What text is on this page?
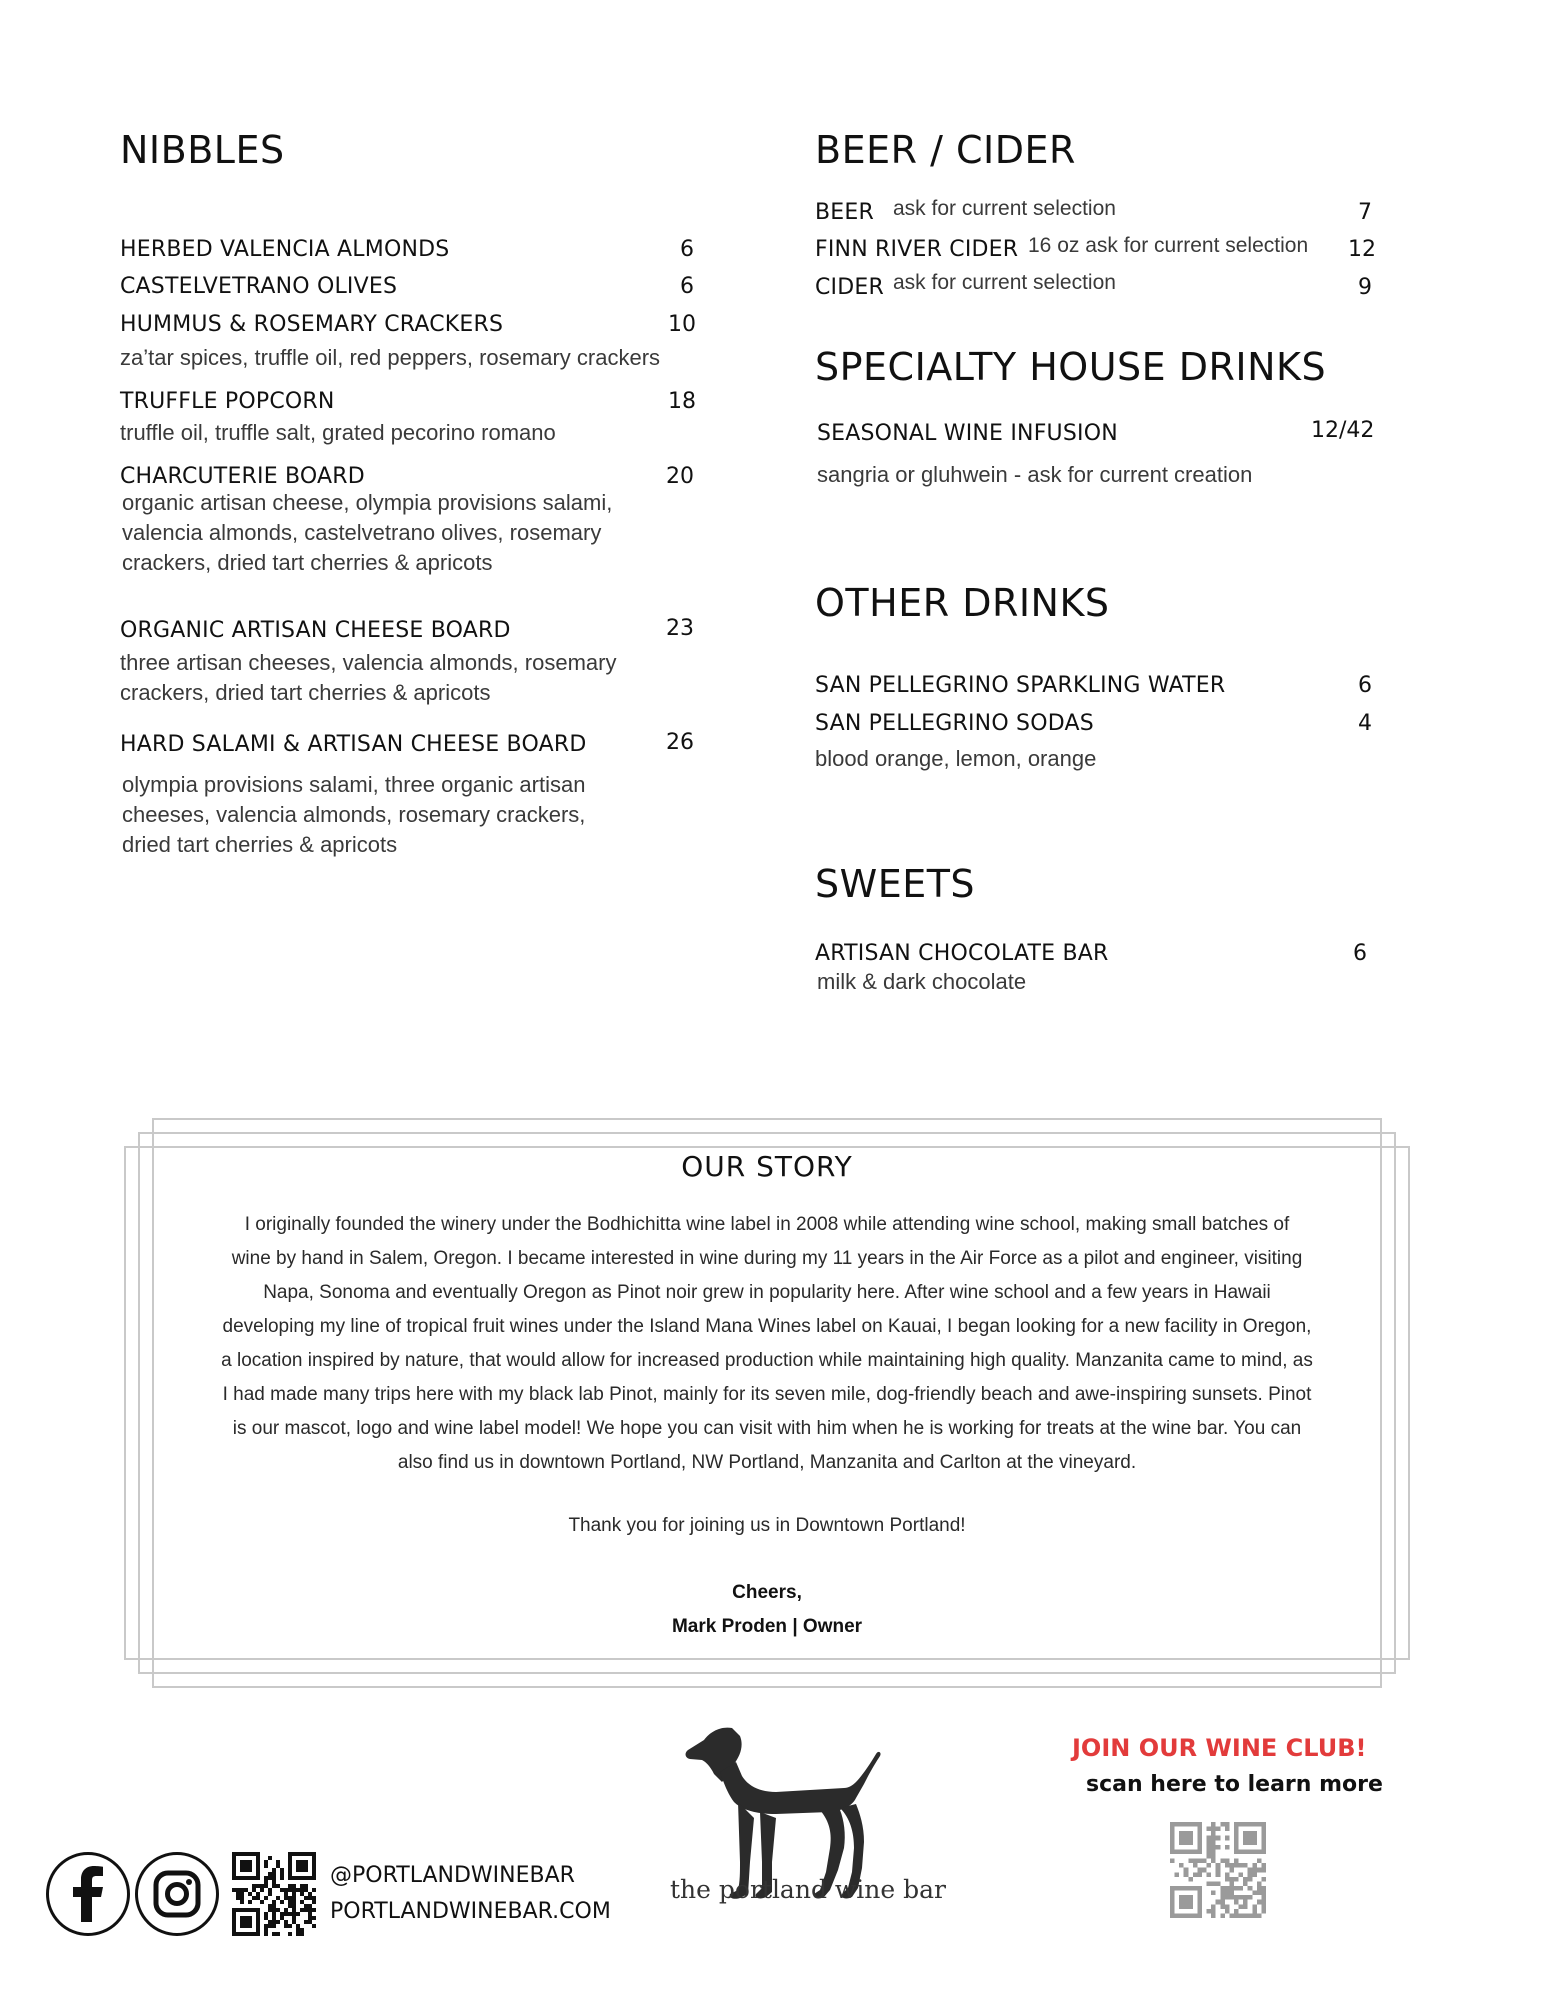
NIBBLES
HERBED VALENCIA ALMONDS	6
CASTELVETRANO OLIVES	6
HUMMUS & ROSEMARY CRACKERS	10
za’tar spices, truffle oil, red peppers, rosemary crackers
TRUFFLE POPCORN	18
truffle oil, truffle salt, grated pecorino romano
CHARCUTERIE BOARD	20
organic artisan cheese, olympia provisions salami, valencia almonds, castelvetrano olives, rosemary crackers, dried tart cherries & apricots
ORGANIC ARTISAN CHEESE BOARD	23
three artisan cheeses, valencia almonds, rosemary crackers, dried tart cherries & apricots
HARD SALAMI & ARTISAN CHEESE BOARD	26
olympia provisions salami, three organic artisan cheeses, valencia almonds, rosemary crackers, dried tart cherries & apricots
BEER / CIDER
BEER ask for current selection	7
FINN RIVER CIDER 16 oz ask for current selection 12
CIDER ask for current selection	9
SPECIALTY HOUSE DRINKS
SEASONAL WINE INFUSION	12/42
sangria or gluhwein - ask for current creation
OTHER DRINKS
SAN PELLEGRINO SPARKLING WATER	6
SAN PELLEGRINO SODAS	4
blood orange, lemon, orange
SWEETS
ARTISAN CHOCOLATE BAR	6
milk & dark chocolate
OUR STORY
I originally founded the winery under the Bodhichitta wine label in 2008 while attending wine school, making small batches of
wine by hand in Salem, Oregon. I became interested in wine during my 11 years in the Air Force as a pilot and engineer, visiting
Napa, Sonoma and eventually Oregon as Pinot noir grew in popularity here. After wine school and a few years in Hawaii
developing my line of tropical fruit wines under the Island Mana Wines label on Kauai, I began looking for a new facility in Oregon,
a location inspired by nature, that would allow for increased production while maintaining high quality. Manzanita came to mind, as
I had made many trips here with my black lab Pinot, mainly for its seven mile, dog-friendly beach and awe-inspiring sunsets. Pinot
is our mascot, logo and wine label model! We hope you can visit with him when he is working for treats at the wine bar. You can
also find us in downtown Portland, NW Portland, Manzanita and Carlton at the vineyard.
Thank you for joining us in Downtown Portland!
Cheers,
Mark Proden | Owner
@PORTLANDWINEBAR
PORTLANDWINEBAR.COM
the portland wine bar
JOIN OUR WINE CLUB!
scan here to learn more
